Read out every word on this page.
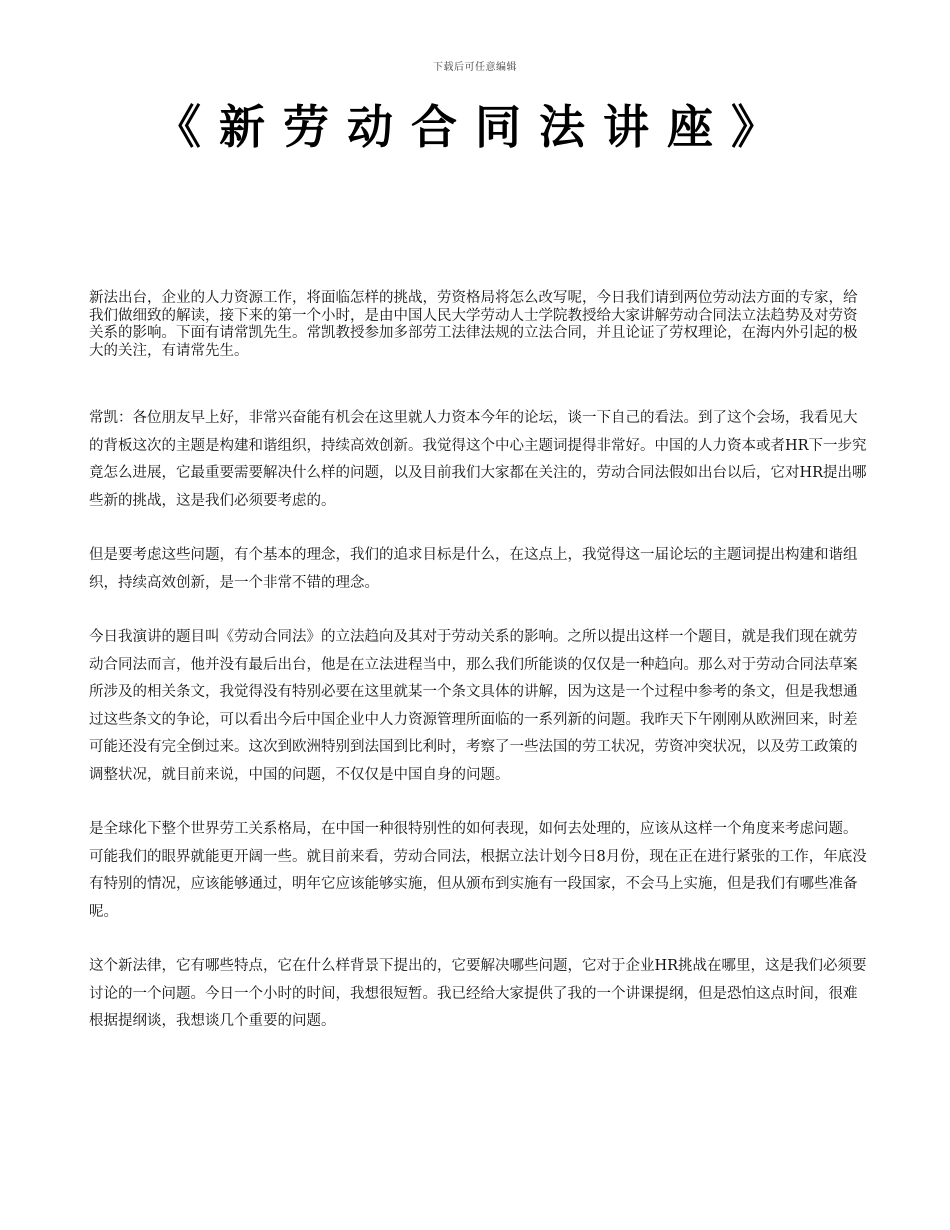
下载后可任意编辑
《新劳动合同法讲座》

新法出台，企业的人力资源工作，将面临怎样的挑战，劳资格局将怎么改写呢，今日我们请到两位劳动法方面的专家，给我们做细致的解读，接下来的第一个小时，是由中国人民大学劳动人士学院教授给大家讲解劳动合同法立法趋势及对劳资关系的影响。下面有请常凯先生。常凯教授参加多部劳工法律法规的立法合同，并且论证了劳权理论，在海内外引起的极大的关注，有请常先生。

常凯：各位朋友早上好，非常兴奋能有机会在这里就人力资本今年的论坛，谈一下自己的看法。到了这个会场，我看见大的背板这次的主题是构建和谐组织，持续高效创新。我觉得这个中心主题词提得非常好。中国的人力资本或者HR下一步究竟怎么进展，它最重要需要解决什么样的问题，以及目前我们大家都在关注的，劳动合同法假如出台以后，它对HR提出哪些新的挑战，这是我们必须要考虑的。

但是要考虑这些问题，有个基本的理念，我们的追求目标是什么，在这点上，我觉得这一届论坛的主题词提出构建和谐组织，持续高效创新，是一个非常不错的理念。

今日我演讲的题目叫《劳动合同法》的立法趋向及其对于劳动关系的影响。之所以提出这样一个题目，就是我们现在就劳动合同法而言，他并没有最后出台，他是在立法进程当中，那么我们所能谈的仅仅是一种趋向。那么对于劳动合同法草案所涉及的相关条文，我觉得没有特别必要在这里就某一个条文具体的讲解，因为这是一个过程中参考的条文，但是我想通过这些条文的争论，可以看出今后中国企业中人力资源管理所面临的一系列新的问题。我昨天下午刚刚从欧洲回来，时差可能还没有完全倒过来。这次到欧洲特别到法国到比利时，考察了一些法国的劳工状况，劳资冲突状况，以及劳工政策的调整状况，就目前来说，中国的问题，不仅仅是中国自身的问题。

是全球化下整个世界劳工关系格局，在中国一种很特别性的如何表现，如何去处理的，应该从这样一个角度来考虑问题。可能我们的眼界就能更开阔一些。就目前来看，劳动合同法，根据立法计划今日8月份，现在正在进行紧张的工作，年底没有特别的情况，应该能够通过，明年它应该能够实施，但从颁布到实施有一段国家，不会马上实施，但是我们有哪些准备呢。

这个新法律，它有哪些特点，它在什么样背景下提出的，它要解决哪些问题，它对于企业HR挑战在哪里，这是我们必须要讨论的一个问题。今日一个小时的时间，我想很短暂。我已经给大家提供了我的一个讲课提纲，但是恐怕这点时间，很难根据提纲谈，我想谈几个重要的问题。
